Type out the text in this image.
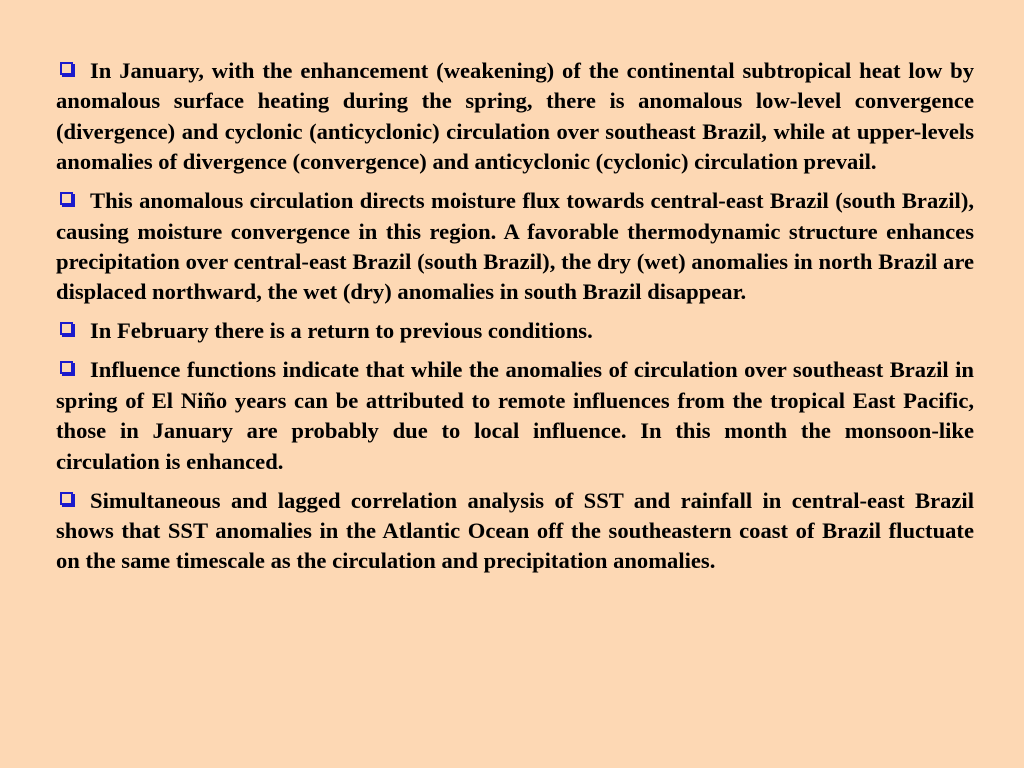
In January, with the enhancement (weakening) of the continental subtropical heat low by anomalous surface heating during the spring, there is anomalous low-level convergence (divergence) and cyclonic (anticyclonic) circulation over southeast Brazil, while at upper-levels anomalies of divergence (convergence) and anticyclonic (cyclonic) circulation prevail.

This anomalous circulation directs moisture flux towards central-east Brazil (south Brazil), causing moisture convergence in this region. A favorable thermodynamic structure enhances precipitation over central-east Brazil (south Brazil), the dry (wet) anomalies in north Brazil are displaced northward, the wet (dry) anomalies in south Brazil disappear.

In February there is a return to previous conditions.

Influence functions indicate that while the anomalies of circulation over southeast Brazil in spring of El Niño years can be attributed to remote influences from the tropical East Pacific, those in January are probably due to local influence. In this month the monsoon-like circulation is enhanced.

Simultaneous and lagged correlation analysis of SST and rainfall in central-east Brazil shows that SST anomalies in the Atlantic Ocean off the southeastern coast of Brazil fluctuate on the same timescale as the circulation and precipitation anomalies.
